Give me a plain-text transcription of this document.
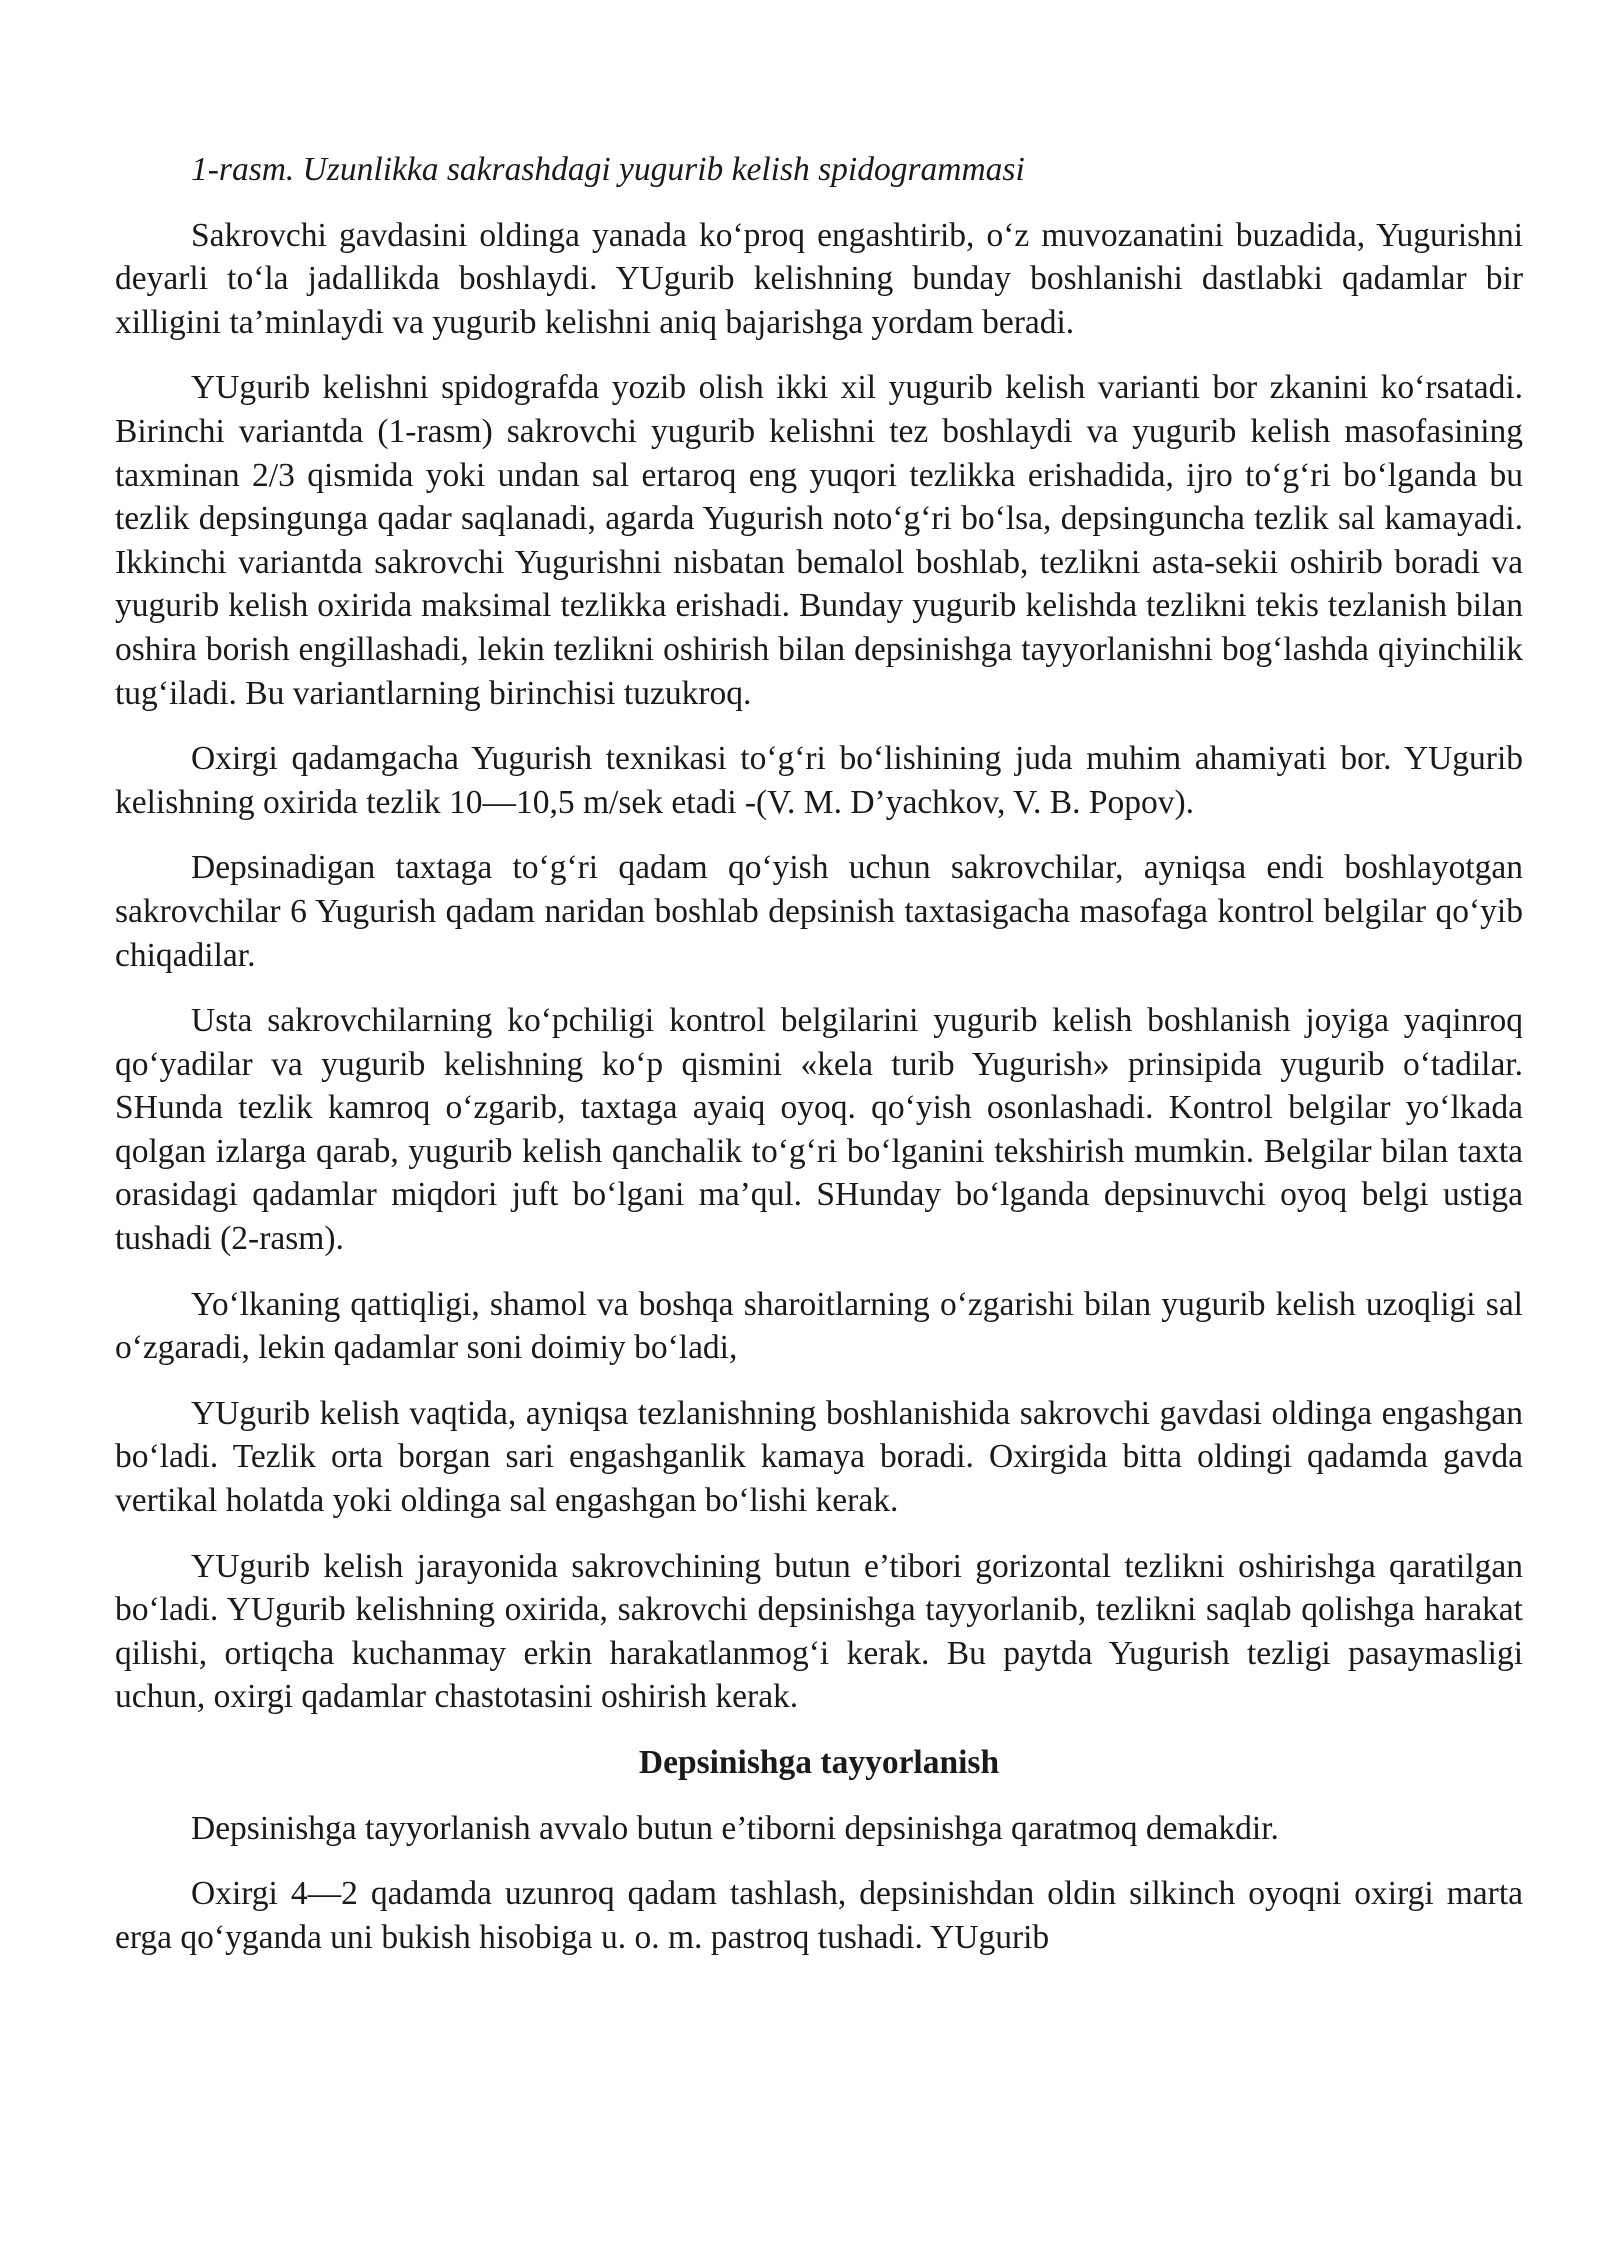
1-rasm. Uzunlikka sakrashdagi yugurib kelish spidogrammasi

Sakrovchi gavdasini oldinga yanada ko‘proq engashtirib, o‘z muvozanatini buzadida, Yugurishni deyarli to‘la jadallikda boshlaydi. YUgurib kelishning bunday boshlanishi dastlabki qadamlar bir xilligini ta’minlaydi va yugurib kelishni aniq bajarishga yordam beradi.

YUgurib kelishni spidografda yozib olish ikki xil yugurib kelish varianti bor zkanini ko‘rsatadi. Birinchi variantda (1-rasm) sakrovchi yugurib kelishni tez boshlaydi va yugurib kelish masofasining taxminan 2/3 qismida yoki undan sal ertaroq eng yuqori tezlikka erishadida, ijro to‘g‘ri bo‘lganda bu tezlik depsingunga qadar saqlanadi, agarda Yugurish noto‘g‘ri bo‘lsa, depsinguncha tezlik sal kamayadi. Ikkinchi variantda sakrovchi Yugurishni nisbatan bemalol boshlab, tezlikni asta-sekii oshirib boradi va yugurib kelish oxirida maksimal tezlikka erishadi. Bunday yugurib kelishda tezlikni tekis tezlanish bilan oshira borish engillashadi, lekin tezlikni oshirish bilan depsinishga tayyorlanishni bog‘lashda qiyinchilik tug‘iladi. Bu variantlarning birinchisi tuzukroq.

Oxirgi qadamgacha Yugurish texnikasi to‘g‘ri bo‘lishining juda muhim ahamiyati bor. YUgurib kelishning oxirida tezlik 10—10,5 m/sek etadi -(V. M. D’yachkov, V. B. Popov).

Depsinadigan taxtaga to‘g‘ri qadam qo‘yish uchun sakrovchilar, ayniqsa endi boshlayotgan sakrovchilar 6 Yugurish qadam naridan boshlab depsinish taxtasigacha masofaga kontrol belgilar qo‘yib chiqadilar.

Usta sakrovchilarning ko‘pchiligi kontrol belgilarini yugurib kelish boshlanish joyiga yaqinroq qo‘yadilar va yugurib kelishning ko‘p qismini «kela turib Yugurish» prinsipida yugurib o‘tadilar. SHunda tezlik kamroq o‘zgarib, taxtaga ayaiq oyoq. qo‘yish osonlashadi. Kontrol belgilar yo‘lkada qolgan izlarga qarab, yugurib kelish qanchalik to‘g‘ri bo‘lganini tekshirish mumkin. Belgilar bilan taxta orasidagi qadamlar miqdori juft bo‘lgani ma’qul. SHunday bo‘lganda depsinuvchi oyoq belgi ustiga tushadi (2-rasm).

Yo‘lkaning qattiqligi, shamol va boshqa sharoitlarning o‘zgarishi bilan yugurib kelish uzoqligi sal o‘zgaradi, lekin qadamlar soni doimiy bo‘ladi,

YUgurib kelish vaqtida, ayniqsa tezlanishning boshlanishida sakrovchi gavdasi oldinga engashgan bo‘ladi. Tezlik orta borgan sari engashganlik kamaya boradi. Oxirgida bitta oldingi qadamda gavda vertikal holatda yoki oldinga sal engashgan bo‘lishi kerak.

YUgurib kelish jarayonida sakrovchining butun e’tibori gorizontal tezlikni oshirishga qaratilgan bo‘ladi. YUgurib kelishning oxirida, sakrovchi depsinishga tayyorlanib, tezlikni saqlab qolishga harakat qilishi, ortiqcha kuchanmay erkin harakatlanmog‘i kerak. Bu paytda Yugurish tezligi pasaymasligi uchun, oxirgi qadamlar chastotasini oshirish kerak.

Depsinishga tayyorlanish

Depsinishga tayyorlanish avvalo butun e’tiborni depsinishga qaratmoq demakdir.

Oxirgi 4—2 qadamda uzunroq qadam tashlash, depsinishdan oldin silkinch oyoqni oxirgi marta erga qo‘yganda uni bukish hisobiga u. o. m. pastroq tushadi. YUgurib
